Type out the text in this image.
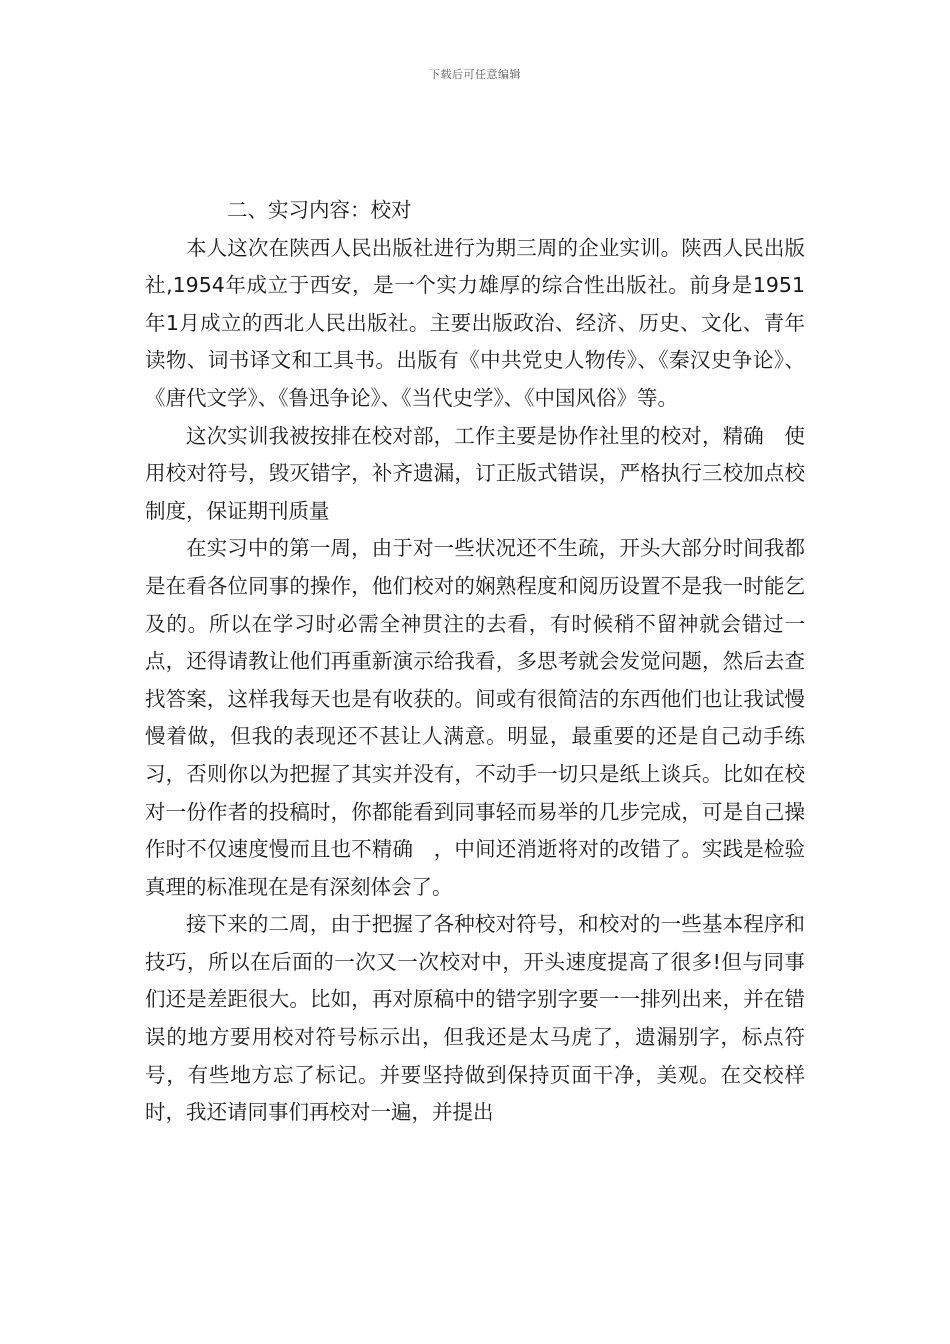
下载后可任意编辑

二、实习内容：校对

本人这次在陕西人民出版社进行为期三周的企业实训。陕西人民出版社,1954年成立于西安，是一个实力雄厚的综合性出版社。前身是1951年1月成立的西北人民出版社。主要出版政治、经济、历史、文化、青年读物、词书译文和工具书。出版有《中共党史人物传》、《秦汉史争论》、《唐代文学》、《鲁迅争论》、《当代史学》、《中国风俗》等。

这次实训我被按排在校对部，工作主要是协作社里的校对，精确　使用校对符号，毁灭错字，补齐遗漏，订正版式错误，严格执行三校加点校制度，保证期刊质量

在实习中的第一周，由于对一些状况还不生疏，开头大部分时间我都是在看各位同事的操作，他们校对的娴熟程度和阅历设置不是我一时能乞及的。所以在学习时必需全神贯注的去看，有时候稍不留神就会错过一点，还得请教让他们再重新演示给我看，多思考就会发觉问题，然后去查找答案，这样我每天也是有收获的。间或有很简洁的东西他们也让我试慢慢着做，但我的表现还不甚让人满意。明显，最重要的还是自己动手练习，否则你以为把握了其实并没有，不动手一切只是纸上谈兵。比如在校对一份作者的投稿时，你都能看到同事轻而易举的几步完成，可是自己操作时不仅速度慢而且也不精确　，中间还消逝将对的改错了。实践是检验真理的标准现在是有深刻体会了。

接下来的二周，由于把握了各种校对符号，和校对的一些基本程序和技巧，所以在后面的一次又一次校对中，开头速度提高了很多!但与同事们还是差距很大。比如，再对原稿中的错字别字要一一排列出来，并在错误的地方要用校对符号标示出，但我还是太马虎了，遗漏别字，标点符号，有些地方忘了标记。并要坚持做到保持页面干净，美观。在交校样时，我还请同事们再校对一遍，并提出
